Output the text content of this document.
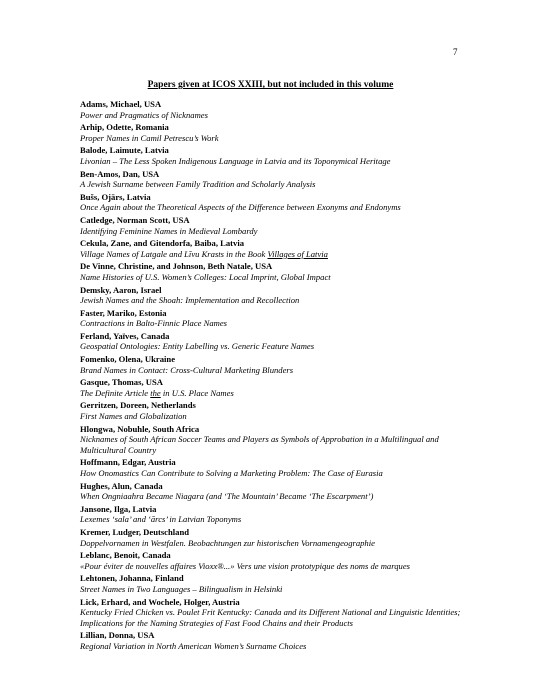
7
Papers given at ICOS XXIII, but not included in this volume
Adams, Michael, USA
Power and Pragmatics of Nicknames
Arhip, Odette, Romania
Proper Names in Camil Petrescu’s Work
Balode, Laimute, Latvia
Livonian – The Less Spoken Indigenous Language in Latvia and its Toponymical Heritage
Ben-Amos, Dan, USA
A Jewish Surname between Family Tradition and Scholarly Analysis
Bušs, Ojārs, Latvia
Once Again about the Theoretical Aspects of the Difference between Exonyms and Endonyms
Catledge, Norman Scott, USA
Identifying Feminine Names in Medieval Lombardy
Cekula, Zane, and Gitendorfa, Baiba, Latvia
Village Names of Latgale and Līvu Krasts in the Book Villages of Latvia
De Vinne, Christine, and Johnson, Beth Natale, USA
Name Histories of U.S. Women’s Colleges: Local Imprint, Global Impact
Demsky, Aaron, Israel
Jewish Names and the Shoah: Implementation and Recollection
Faster, Mariko, Estonia
Contractions in Balto-Finnic Place Names
Ferland, Yaïves, Canada
Geospatial Ontologies: Entity Labelling vs. Generic Feature Names
Fomenko, Olena, Ukraine
Brand Names in Contact: Cross-Cultural Marketing Blunders
Gasque, Thomas, USA
The Definite Article the in U.S. Place Names
Gerritzen, Doreen, Netherlands
First Names and Globalization
Hlongwa, Nobuhle, South Africa
Nicknames of South African Soccer Teams and Players as Symbols of Approbation in a Multilingual and Multicultural Country
Hoffmann, Edgar, Austria
How Onomastics Can Contribute to Solving a Marketing Problem: The Case of Eurasia
Hughes, Alun, Canada
When Ongniaahra Became Niagara (and ‘The Mountain’ Became ‘The Escarpment’)
Jansone, Ilga, Latvia
Lexemes ‘sala’ and ‘ārcs’ in Latvian Toponyms
Kremer, Ludger, Deutschland
Doppelvornamen in Westfalen. Beobachtungen zur historischen Vornamengeographie
Leblanc, Benoit, Canada
«Pour éviter de nouvelles affaires Vioxx®...» Vers une vision prototypique des noms de marques
Lehtonen, Johanna, Finland
Street Names in Two Languages – Bilingualism in Helsinki
Lick, Erhard, and Wochele, Holger, Austria
Kentucky Fried Chicken vs. Poulet Frit Kentucky: Canada and its Different National and Linguistic Identities; Implications for the Naming Strategies of Fast Food Chains and their Products
Lillian, Donna, USA
Regional Variation in North American Women’s Surname Choices
